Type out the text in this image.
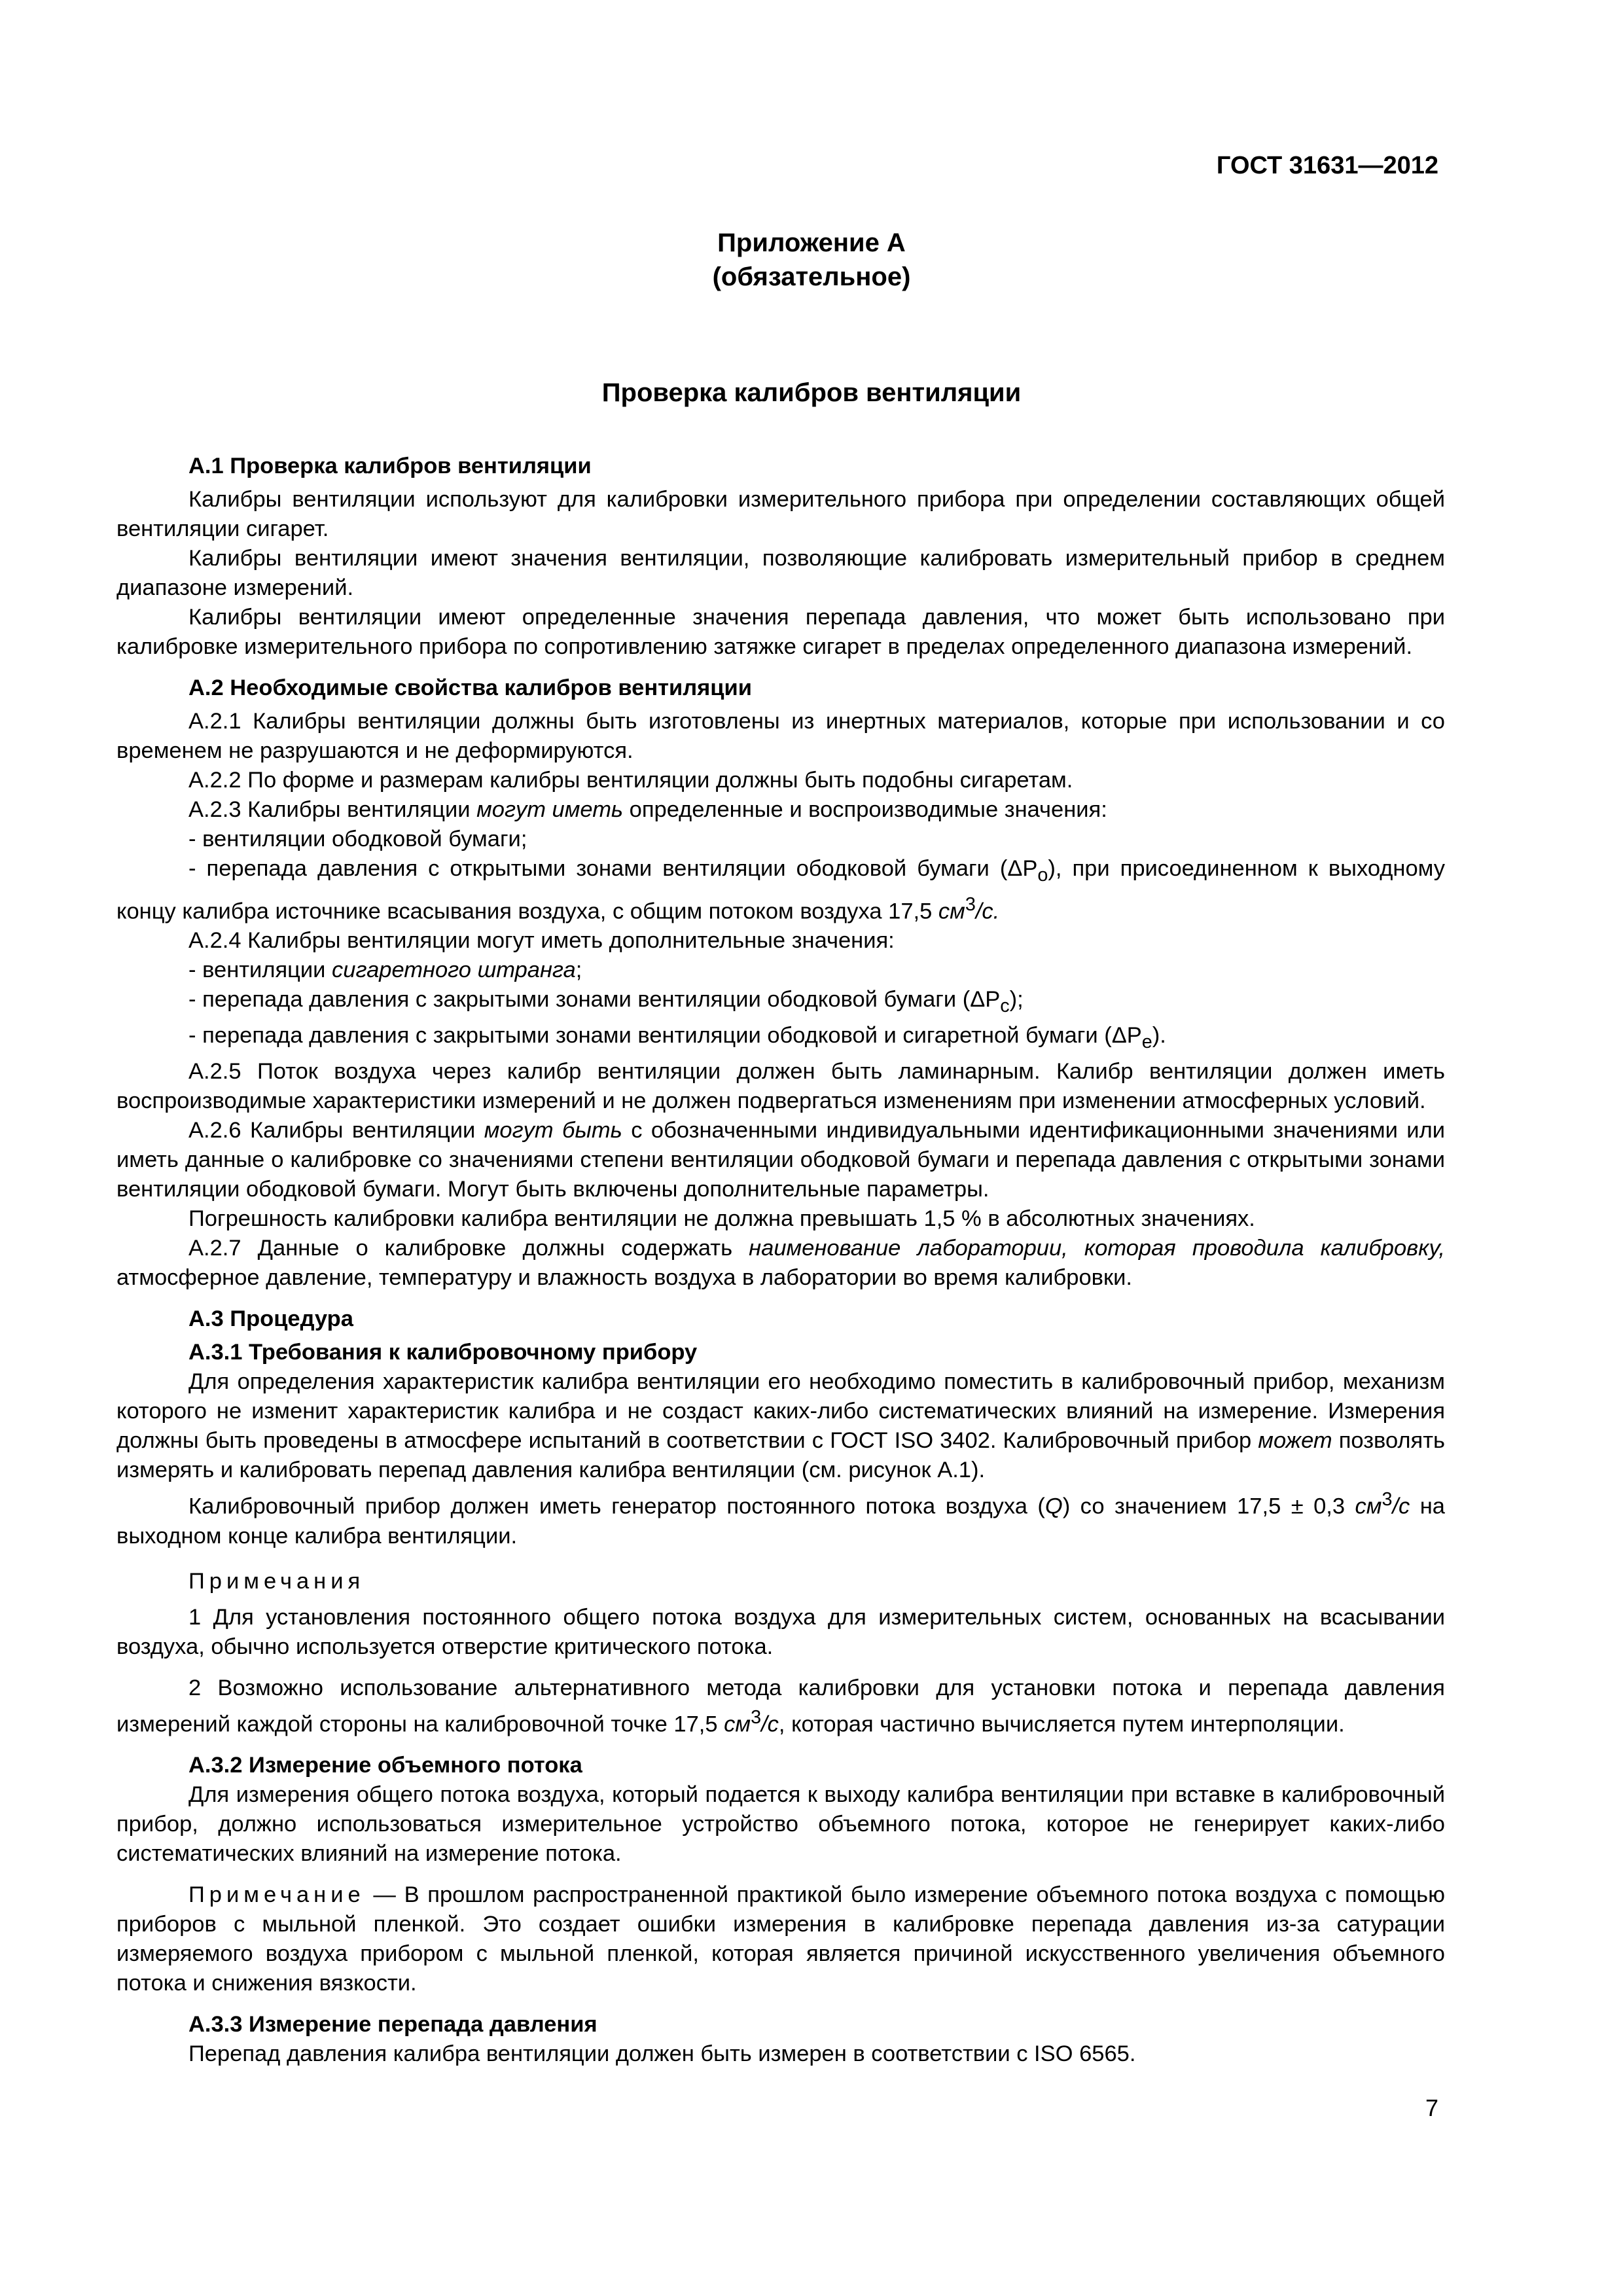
ГОСТ 31631—2012
Приложение А
(обязательное)
Проверка калибров вентиляции

А.1 Проверка калибров вентиляции

Калибры вентиляции используют для калибровки измерительного прибора при определении составляющих общей вентиляции сигарет.

Калибры вентиляции имеют значения вентиляции, позволяющие калибровать измерительный прибор в среднем диапазоне измерений.

Калибры вентиляции имеют определенные значения перепада давления, что может быть использовано при калибровке измерительного прибора по сопротивлению затяжке сигарет в пределах определенного диапазона измерений.

А.2 Необходимые свойства калибров вентиляции

А.2.1 Калибры вентиляции должны быть изготовлены из инертных материалов, которые при использовании и со временем не разрушаются и не деформируются.

А.2.2 По форме и размерам калибры вентиляции должны быть подобны сигаретам.

А.2.3 Калибры вентиляции могут иметь определенные и воспроизводимые значения:

- вентиляции ободковой бумаги;

- перепада давления с открытыми зонами вентиляции ободковой бумаги $(\Delta P_o)$, при присоединенном к выходному концу калибра источнике всасывания воздуха, с общим потоком воздуха 17,5 $см^3/с$.

А.2.4 Калибры вентиляции могут иметь дополнительные значения:

- вентиляции сигаретного штранга;

- перепада давления с закрытыми зонами вентиляции ободковой бумаги $(\Delta P_c)$;

- перепада давления с закрытыми зонами вентиляции ободковой и сигаретной бумаги $(\Delta P_e)$.

А.2.5 Поток воздуха через калибр вентиляции должен быть ламинарным. Калибр вентиляции должен иметь воспроизводимые характеристики измерений и не должен подвергаться изменениям при изменении атмосферных условий.

А.2.6 Калибры вентиляции могут быть с обозначенными индивидуальными идентификационными значениями или иметь данные о калибровке со значениями степени вентиляции ободковой бумаги и перепада давления с открытыми зонами вентиляции ободковой бумаги. Могут быть включены дополнительные параметры.

Погрешность калибровки калибра вентиляции не должна превышать 1,5 % в абсолютных значениях.

А.2.7 Данные о калибровке должны содержать наименование лаборатории, которая проводила калибровку, атмосферное давление, температуру и влажность воздуха в лаборатории во время калибровки.

А.3 Процедура

А.3.1 Требования к калибровочному прибору

Для определения характеристик калибра вентиляции его необходимо поместить в калибровочный прибор, механизм которого не изменит характеристик калибра и не создаст каких-либо систематических влияний на измерение. Измерения должны быть проведены в атмосфере испытаний в соответствии с ГОСТ ISO 3402. Калибровочный прибор может позволять измерять и калибровать перепад давления калибра вентиляции (см. рисунок А.1).

Калибровочный прибор должен иметь генератор постоянного потока воздуха (Q) со значением 17,5 ± 0,3 $см^3/с$ на выходном конце калибра вентиляции.

Примечания

1 Для установления постоянного общего потока воздуха для измерительных систем, основанных на всасывании воздуха, обычно используется отверстие критического потока.

2 Возможно использование альтернативного метода калибровки для установки потока и перепада давления измерений каждой стороны на калибровочной точке 17,5 $см^3/с$, которая частично вычисляется путем интерполяции.

А.3.2 Измерение объемного потока

Для измерения общего потока воздуха, который подается к выходу калибра вентиляции при вставке в калибровочный прибор, должно использоваться измерительное устройство объемного потока, которое не генерирует каких-либо систематических влияний на измерение потока.

Примечание — В прошлом распространенной практикой было измерение объемного потока воздуха с помощью приборов с мыльной пленкой. Это создает ошибки измерения в калибровке перепада давления из-за сатурации измеряемого воздуха прибором с мыльной пленкой, которая является причиной искусственного увеличения объемного потока и снижения вязкости.

А.3.3 Измерение перепада давления

Перепад давления калибра вентиляции должен быть измерен в соответствии с ISO 6565.

7
